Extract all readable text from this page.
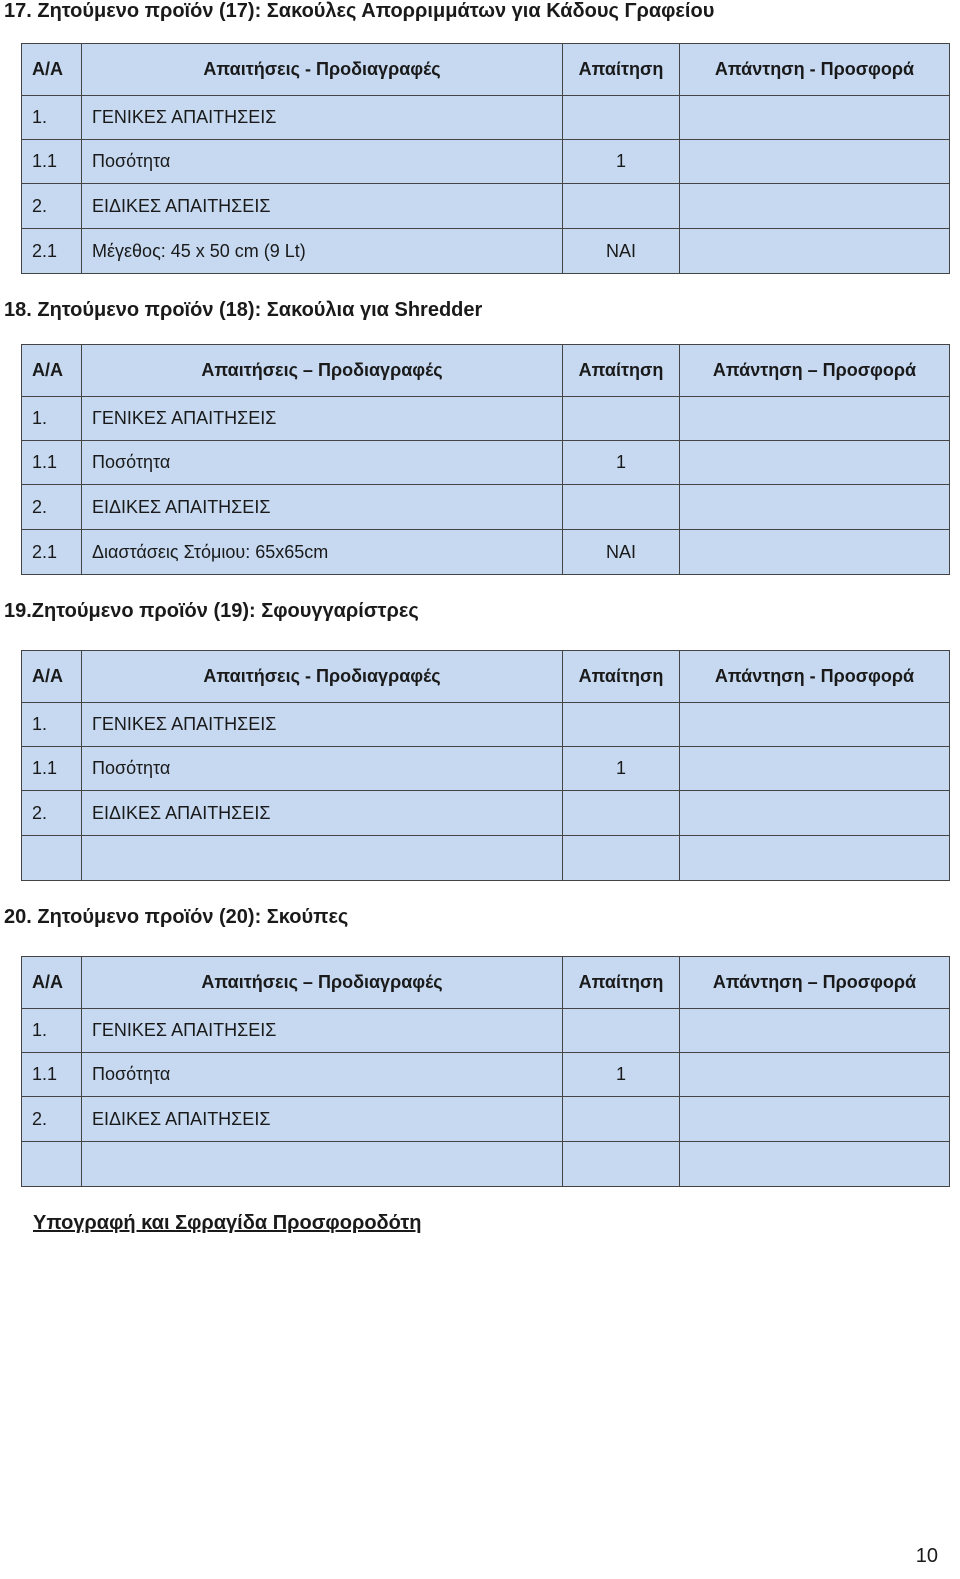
17. Ζητούμενο προϊόν (17): Σακούλες Απορριμμάτων για Κάδους Γραφείου
Α/Α	Απαιτήσεις - Προδιαγραφές	Απαίτηση	Απάντηση - Προσφορά
1.	ΓΕΝΙΚΕΣ ΑΠΑΙΤΗΣΕΙΣ		
1.1	Ποσότητα	1	
2.	ΕΙΔΙΚΕΣ ΑΠΑΙΤΗΣΕΙΣ		
2.1	Μέγεθος: 45 x 50 cm (9 Lt)	ΝΑΙ	
18. Ζητούμενο προϊόν (18): Σακούλια για Shredder
Α/Α	Απαιτήσεις – Προδιαγραφές	Απαίτηση	Απάντηση – Προσφορά
1.	ΓΕΝΙΚΕΣ ΑΠΑΙΤΗΣΕΙΣ		
1.1	Ποσότητα	1	
2.	ΕΙΔΙΚΕΣ ΑΠΑΙΤΗΣΕΙΣ		
2.1	Διαστάσεις Στόμιου: 65x65cm	ΝΑΙ	
19.Ζητούμενο προϊόν (19): Σφουγγαρίστρες
Α/Α	Απαιτήσεις - Προδιαγραφές	Απαίτηση	Απάντηση - Προσφορά
1.	ΓΕΝΙΚΕΣ ΑΠΑΙΤΗΣΕΙΣ		
1.1	Ποσότητα	1	
2.	ΕΙΔΙΚΕΣ ΑΠΑΙΤΗΣΕΙΣ		

20. Ζητούμενο προϊόν (20): Σκούπες
Α/Α	Απαιτήσεις – Προδιαγραφές	Απαίτηση	Απάντηση – Προσφορά
1.	ΓΕΝΙΚΕΣ ΑΠΑΙΤΗΣΕΙΣ		
1.1	Ποσότητα	1	
2.	ΕΙΔΙΚΕΣ ΑΠΑΙΤΗΣΕΙΣ		

Υπογραφή και Σφραγίδα Προσφοροδότη
10
